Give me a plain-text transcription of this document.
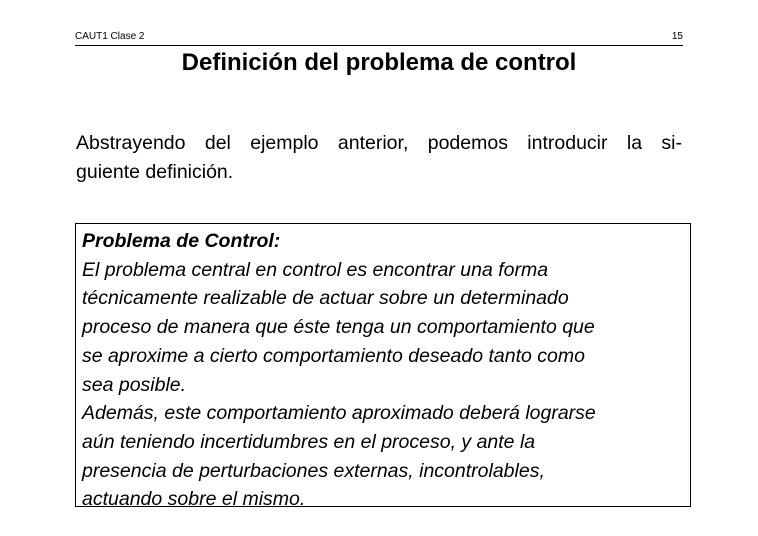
CAUT1 Clase 2	15
Definición del problema de control
Abstrayendo del ejemplo anterior, podemos introducir la si-
guiente definición.
Problema de Control:
El problema central en control es encontrar una forma
técnicamente realizable de actuar sobre un determinado
proceso de manera que éste tenga un comportamiento que
se aproxime a cierto comportamiento deseado tanto como
sea posible.
Además, este comportamiento aproximado deberá lograrse
aún teniendo incertidumbres en el proceso, y ante la
presencia de perturbaciones externas, incontrolables,
actuando sobre el mismo.
